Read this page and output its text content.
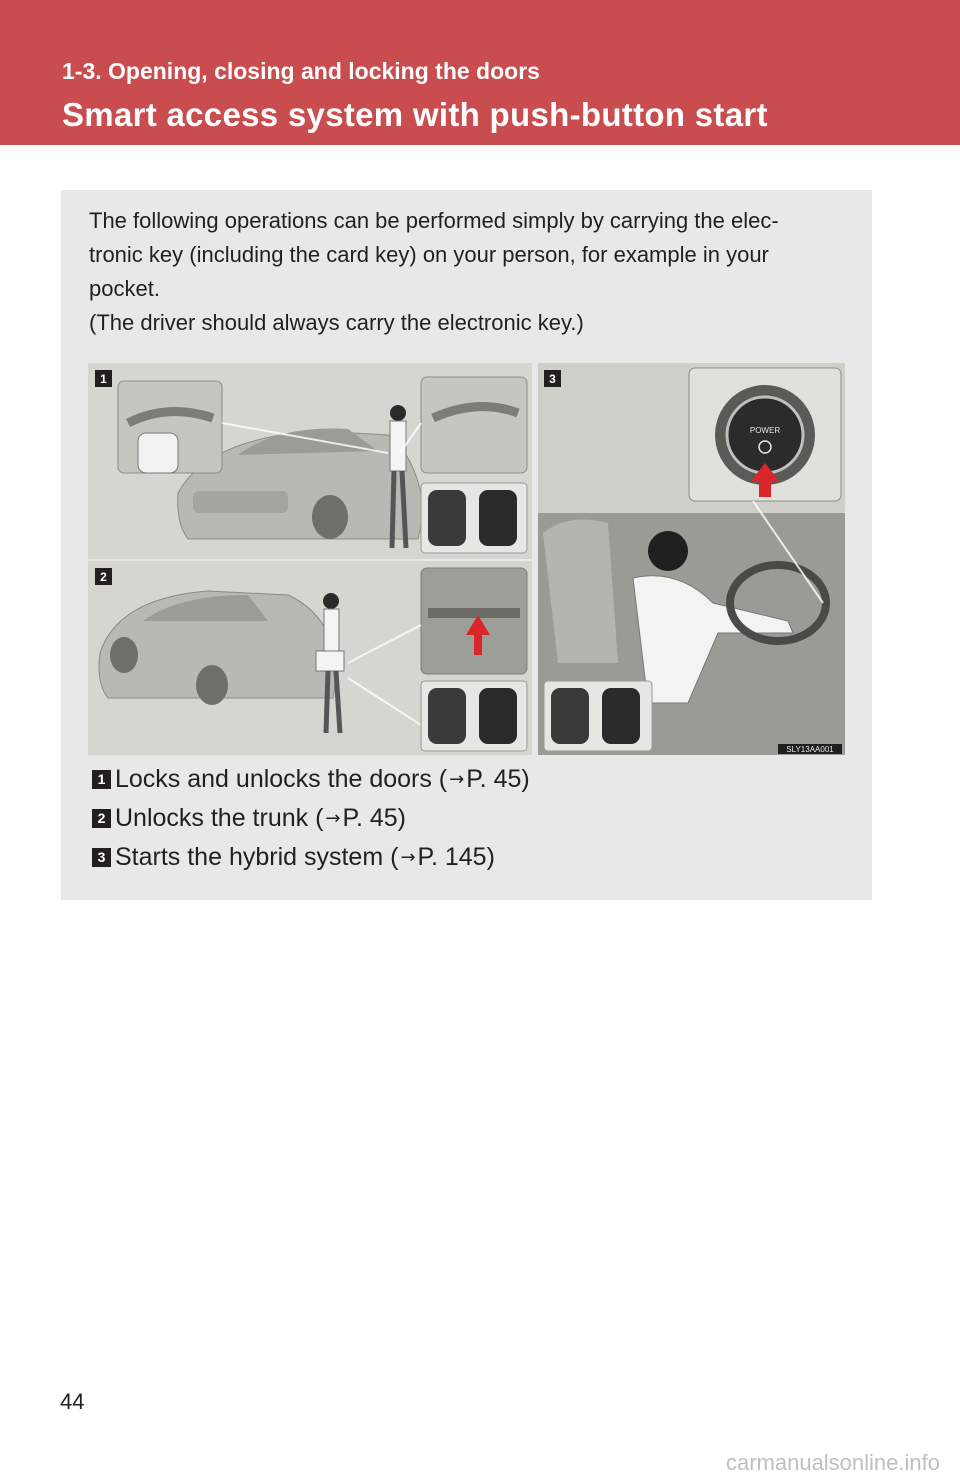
1-3. Opening, closing and locking the doors
Smart access system with push-button start
The following operations can be performed simply by carrying the elec-
tronic key (including the card key) on your person, for example in your
pocket.
(The driver should always carry the electronic key.)
POWER
SLY13AA001
1	3
2
1 Locks and unlocks the doors ( → P. 45)
2 Unlocks the trunk ( → P. 45)
3 Starts the hybrid system ( → P. 145)
44
carmanualsonline.info
